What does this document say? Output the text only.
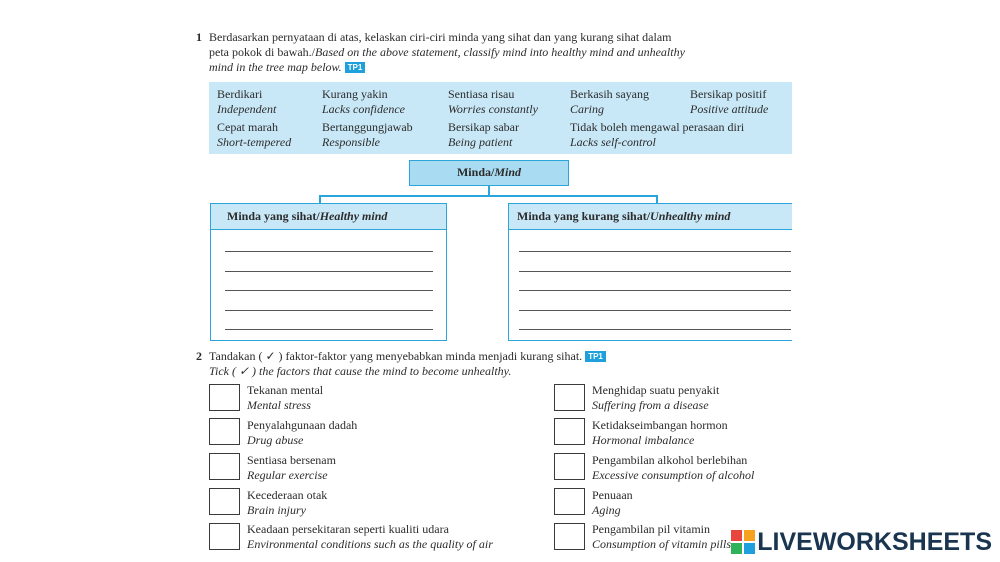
1 Berdasarkan pernyataan di atas, kelaskan ciri-ciri minda yang sihat dan yang kurang sihat dalam
peta pokok di bawah./Based on the above statement, classify mind into healthy mind and unhealthy
mind in the tree map below. TP1
Berdikari
Independent
Kurang yakin
Lacks confidence
Sentiasa risau
Worries constantly
Berkasih sayang
Caring
Bersikap positif
Positive attitude
Cepat marah
Short-tempered
Bertanggungjawab
Responsible
Bersikap sabar
Being patient
Tidak boleh mengawal perasaan diri
Lacks self-control
Minda/Mind
Minda yang sihat/Healthy mind	Minda yang kurang sihat/Unhealthy mind
2 Tandakan ( ✓ ) faktor-faktor yang menyebabkan minda menjadi kurang sihat. TP1
Tick ( ✓ ) the factors that cause the mind to become unhealthy.
Tekanan mental
Mental stress
Penyalahgunaan dadah
Drug abuse
Sentiasa bersenam
Regular exercise
Kecederaan otak
Brain injury
Keadaan persekitaran seperti kualiti udara
Environmental conditions such as the quality of air
Menghidap suatu penyakit
Suffering from a disease
Ketidakseimbangan hormon
Hormonal imbalance
Pengambilan alkohol berlebihan
Excessive consumption of alcohol
Penuaan
Aging
Pengambilan pil vitamin
Consumption of vitamin pills LIVEWORKSHEETS
